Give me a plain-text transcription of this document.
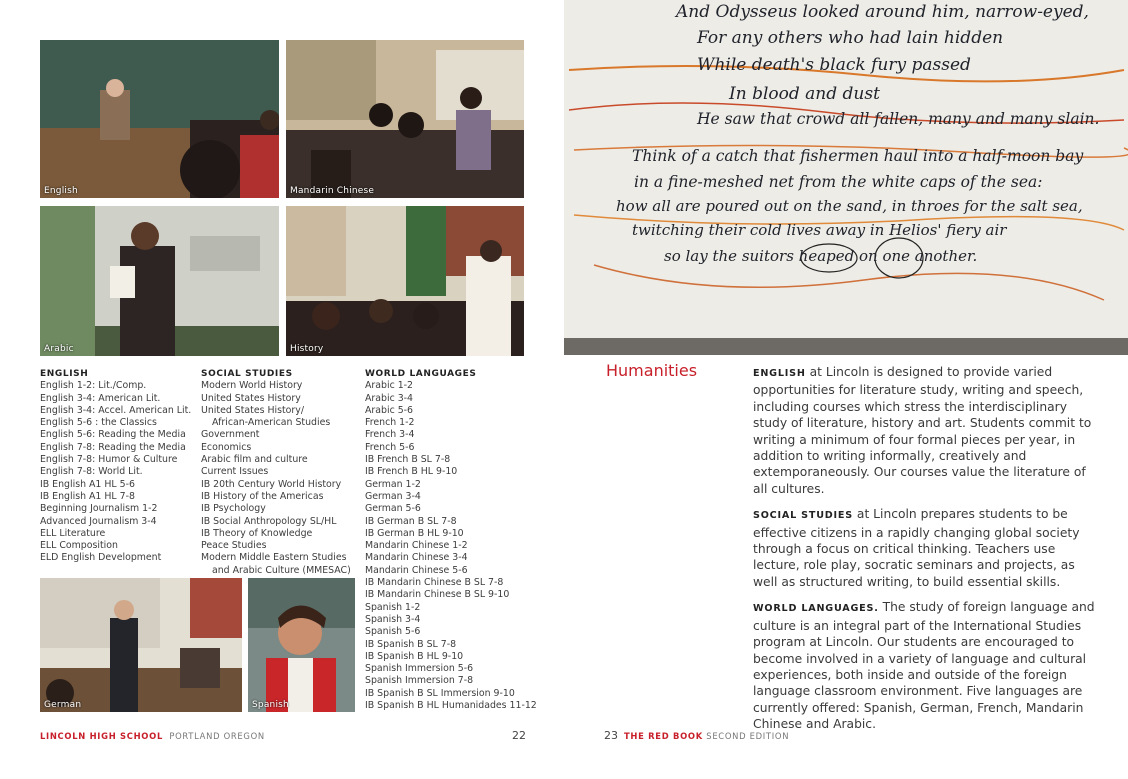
English	Mandarin Chinese
Arabic	History
German	Spanish
ENGLISH
English 1-2: Lit./Comp.
English 3-4: American Lit.
English 3-4: Accel. American Lit.
English 5-6 : the Classics
English 5-6: Reading the Media
English 7-8: Reading the Media
English 7-8: Humor & Culture
English 7-8: World Lit.
IB English A1 HL 5-6
IB English A1 HL 7-8
Beginning Journalism 1-2
Advanced Journalism 3-4
ELL Literature
ELL Composition
ELD English Development
SOCIAL STUDIES
Modern World History
United States History
United States History/
African-American Studies
Government
Economics
Arabic film and culture
Current Issues
IB 20th Century World History
IB History of the Americas
IB Psychology
IB Social Anthropology SL/HL
IB Theory of Knowledge
Peace Studies
Modern Middle Eastern Studies
and Arabic Culture (MMESAC)
WORLD LANGUAGES
Arabic 1-2
Arabic 3-4
Arabic 5-6
French 1-2
French 3-4
French 5-6
IB French B SL 7-8
IB French B HL 9-10
German 1-2
German 3-4
German 5-6
IB German B SL 7-8
IB German B HL 9-10
Mandarin Chinese 1-2
Mandarin Chinese 3-4
Mandarin Chinese 5-6
IB Mandarin Chinese B SL 7-8
IB Mandarin Chinese B SL 9-10
Spanish 1-2
Spanish 3-4
Spanish 5-6
IB Spanish B SL 7-8
IB Spanish B HL 9-10
Spanish Immersion 5-6
Spanish Immersion 7-8
IB Spanish B SL Immersion 9-10
IB Spanish B HL Humanidades 11-12
LINCOLN HIGH SCHOOL PORTLAND OREGON	22
And Odysseus looked around him, narrow-eyed,
For any others who had lain hidden
While death's black fury passed
In blood and dust
He saw that crowd all fallen, many and many slain.
Think of a catch that fishermen haul into a half-moon bay
in a fine-meshed net from the white caps of the sea:
how all are poured out on the sand, in throes for the salt sea,
twitching their cold lives away in Helios' fiery air
so lay the suitors heaped on one another.
Humanities	ENGLISH at Lincoln is designed to provide varied opportunities for literature study, writing and speech, including courses which stress the interdisciplinary study of literature, history and art. Students commit to writing a minimum of four formal pieces per year, in addition to writing informally, creatively and extemporaneously. Our courses value the literature of all cultures.

SOCIAL STUDIES at Lincoln prepares students to be effective citizens in a rapidly changing global society through a focus on critical thinking. Teachers use lecture, role play, socratic seminars and projects, as well as structured writing, to build essential skills.

WORLD LANGUAGES. The study of foreign language and culture is an integral part of the International Studies program at Lincoln. Our students are encouraged to become involved in a variety of language and cultural experiences, both inside and outside of the foreign language classroom environment. Five languages are currently offered: Spanish, German, French, Mandarin Chinese and Arabic.

23 THE RED BOOK SECOND EDITION
